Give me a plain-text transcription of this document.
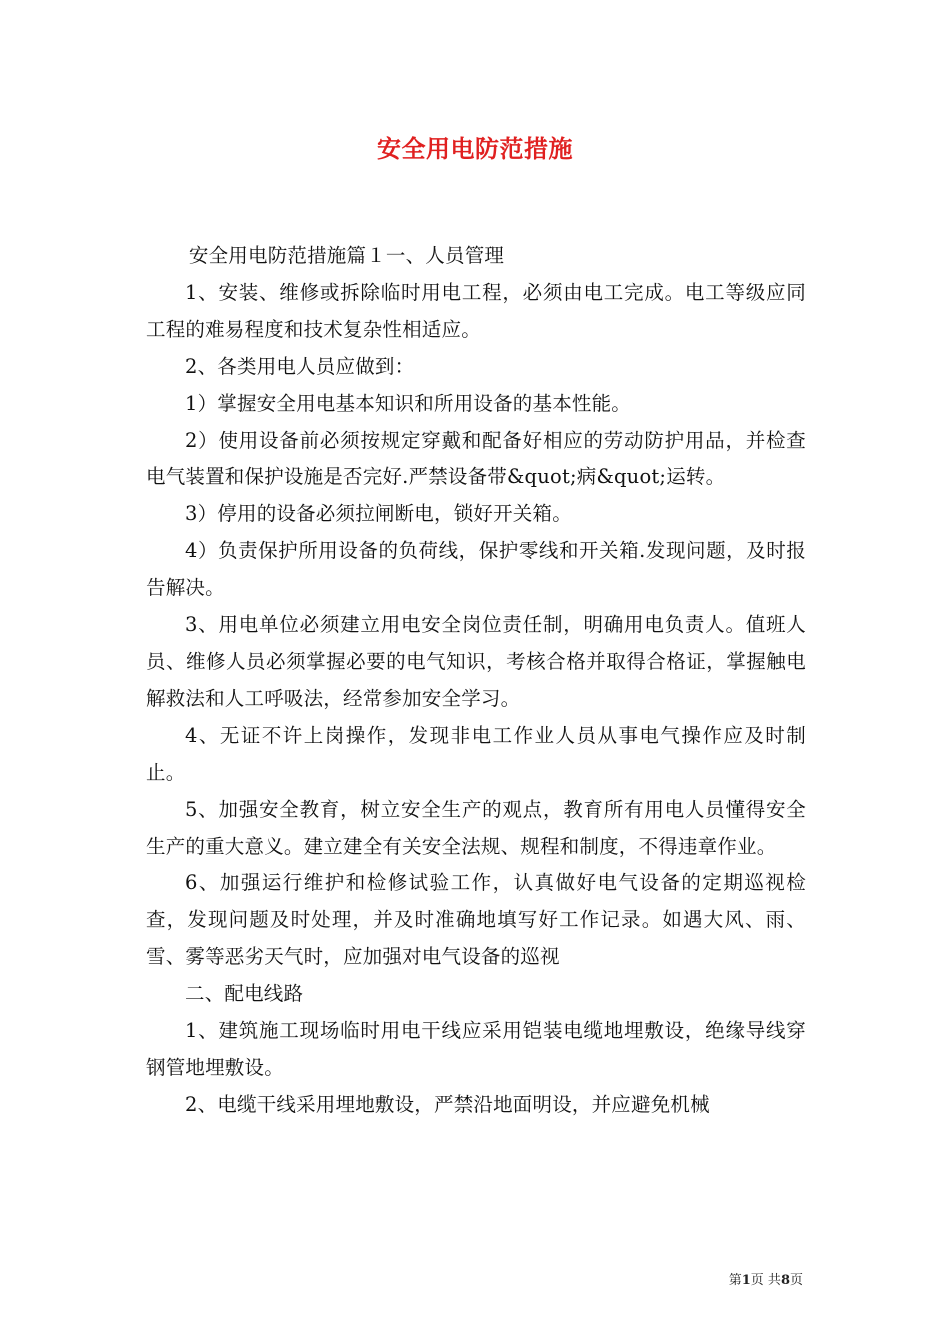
安全用电防范措施

安全用电防范措施篇１一、人员管理

1、安装、维修或拆除临时用电工程，必须由电工完成。电工等级应同工程的难易程度和技术复杂性相适应。

2、各类用电人员应做到：

1）掌握安全用电基本知识和所用设备的基本性能。

2）使用设备前必须按规定穿戴和配备好相应的劳动防护用品，并检查电气装置和保护设施是否完好.严禁设备带&quot;病&quot;运转。

3）停用的设备必须拉闸断电，锁好开关箱。

4）负责保护所用设备的负荷线，保护零线和开关箱.发现问题，及时报告解决。

3、用电单位必须建立用电安全岗位责任制，明确用电负责人。值班人员、维修人员必须掌握必要的电气知识，考核合格并取得合格证，掌握触电解救法和人工呼吸法，经常参加安全学习。

4、无证不许上岗操作，发现非电工作业人员从事电气操作应及时制止。

5、加强安全教育，树立安全生产的观点，教育所有用电人员懂得安全生产的重大意义。建立建全有关安全法规、规程和制度，不得违章作业。

6、加强运行维护和检修试验工作，认真做好电气设备的定期巡视检查，发现问题及时处理，并及时准确地填写好工作记录。如遇大风、雨、雪、雾等恶劣天气时，应加强对电气设备的巡视

二、配电线路

1、建筑施工现场临时用电干线应采用铠装电缆地埋敷设，绝缘导线穿钢管地埋敷设。

2、电缆干线采用埋地敷设，严禁沿地面明设，并应避免机械

第1页 共8页
